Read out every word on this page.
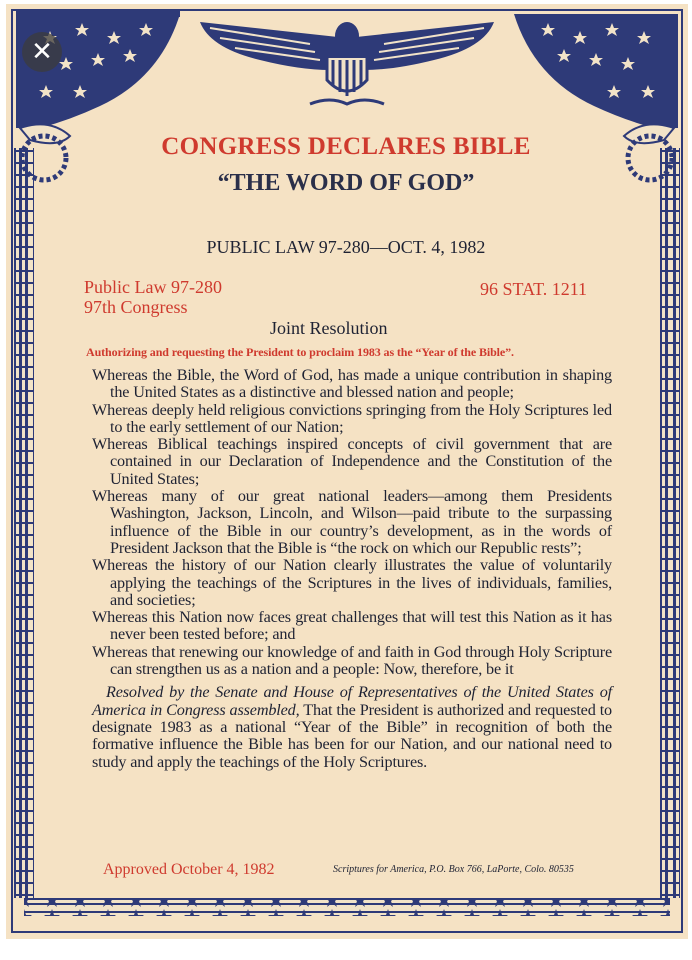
✕

CONGRESS DECLARES BIBLE

“THE WORD OF GOD”

PUBLIC LAW 97-280—OCT. 4, 1982

Public Law 97-280

97th Congress

96 STAT. 1211

Joint Resolution

Authorizing and requesting the President to proclaim 1983 as the “Year of the Bible”.

Whereas the Bible, the Word of God, has made a unique contribution in shaping the United States as a distinctive and blessed nation and people;

Whereas deeply held religious convictions springing from the Holy Scriptures led to the early settlement of our Nation;

Whereas Biblical teachings inspired concepts of civil government that are contained in our Declaration of Independence and the Constitution of the United States;

Whereas many of our great national leaders—among them Presidents Washington, Jackson, Lincoln, and Wilson—paid tribute to the surpassing influence of the Bible in our country’s development, as in the words of President Jackson that the Bible is “the rock on which our Republic rests”;

Whereas the history of our Nation clearly illustrates the value of voluntarily applying the teachings of the Scriptures in the lives of individuals, families, and societies;

Whereas this Nation now faces great challenges that will test this Nation as it has never been tested before; and

Whereas that renewing our knowledge of and faith in God through Holy Scripture can strengthen us as a nation and a people: Now, therefore, be it

Resolved by the Senate and House of Representatives of the United States of America in Congress assembled, That the President is authorized and requested to designate 1983 as a national “Year of the Bible” in recognition of both the formative influence the Bible has been for our Nation, and our national need to study and apply the teachings of the Holy Scriptures.

Approved October 4, 1982	Scriptures for America, P.O. Box 766, LaPorte, Colo. 80535
